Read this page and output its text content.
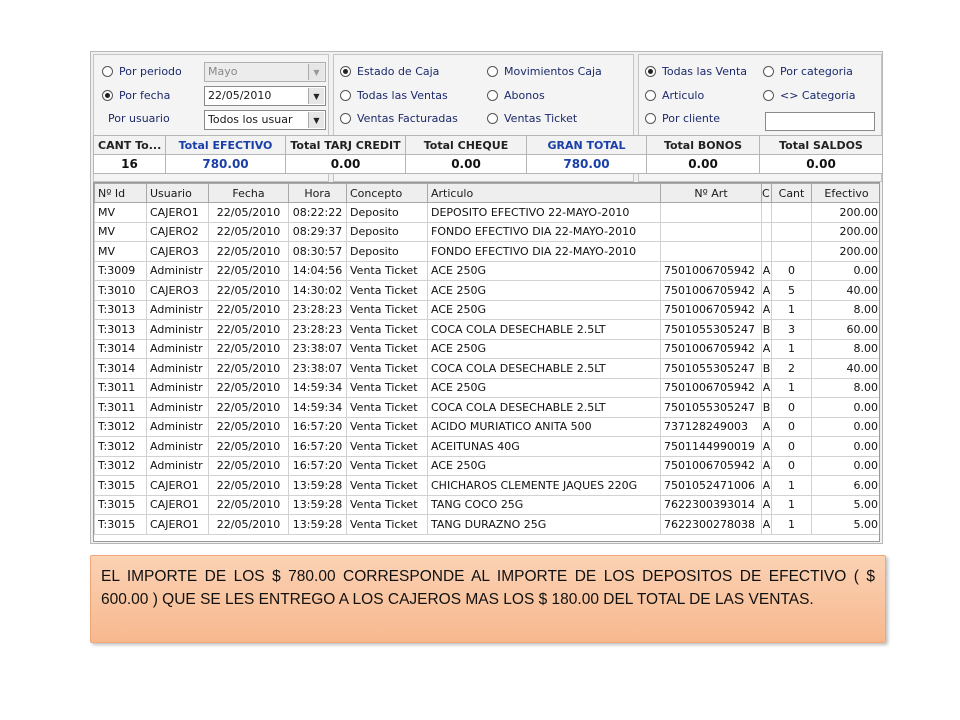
Por periodo	Mayo	▼
Por fecha	22/05/2010	▼
Por usuario	Todos los usuar	▼
Estado de Caja	Movimientos Caja
Todas las Ventas	Abonos
Ventas Facturadas	Ventas Ticket
Todas las Venta	Por categoria
Articulo	<> Categoria
Por cliente
CANT To...	Total EFECTIVO	Total TARJ CREDIT	Total CHEQUE	GRAN TOTAL	Total BONOS	Total SALDOS
16	780.00	0.00	0.00	780.00	0.00	0.00
Nº Id	Usuario	Fecha	Hora	Concepto	Articulo	Nº Art	C	Cant	Efectivo	
MV	CAJERO1	22/05/2010	08:22:22	Deposito	DEPOSITO EFECTIVO 22-MAYO-2010				200.00	
MV	CAJERO2	22/05/2010	08:29:37	Deposito	FONDO EFECTIVO DIA 22-MAYO-2010				200.00	
MV	CAJERO3	22/05/2010	08:30:57	Deposito	FONDO EFECTIVO DIA 22-MAYO-2010				200.00	
T:3009	Administr	22/05/2010	14:04:56	Venta Ticket	ACE 250G	7501006705942	A	0	0.00	
T:3010	CAJERO3	22/05/2010	14:30:02	Venta Ticket	ACE 250G	7501006705942	A	5	40.00	
T:3013	Administr	22/05/2010	23:28:23	Venta Ticket	ACE 250G	7501006705942	A	1	8.00	
T:3013	Administr	22/05/2010	23:28:23	Venta Ticket	COCA COLA DESECHABLE 2.5LT	7501055305247	B	3	60.00	
T:3014	Administr	22/05/2010	23:38:07	Venta Ticket	ACE 250G	7501006705942	A	1	8.00	
T:3014	Administr	22/05/2010	23:38:07	Venta Ticket	COCA COLA DESECHABLE 2.5LT	7501055305247	B	2	40.00	
T:3011	Administr	22/05/2010	14:59:34	Venta Ticket	ACE 250G	7501006705942	A	1	8.00	
T:3011	Administr	22/05/2010	14:59:34	Venta Ticket	COCA COLA DESECHABLE 2.5LT	7501055305247	B	0	0.00	
T:3012	Administr	22/05/2010	16:57:20	Venta Ticket	ACIDO MURIATICO ANITA 500	737128249003	A	0	0.00	
T:3012	Administr	22/05/2010	16:57:20	Venta Ticket	ACEITUNAS 40G	7501144990019	A	0	0.00	
T:3012	Administr	22/05/2010	16:57:20	Venta Ticket	ACE 250G	7501006705942	A	0	0.00	
T:3015	CAJERO1	22/05/2010	13:59:28	Venta Ticket	CHICHAROS CLEMENTE JAQUES 220G	7501052471006	A	1	6.00	
T:3015	CAJERO1	22/05/2010	13:59:28	Venta Ticket	TANG COCO 25G	7622300393014	A	1	5.00	
T:3015	CAJERO1	22/05/2010	13:59:28	Venta Ticket	TANG DURAZNO 25G	7622300278038	A	1	5.00	
EL IMPORTE DE LOS $ 780.00 CORRESPONDE AL IMPORTE DE LOS DEPOSITOS DE EFECTIVO ( $ 600.00 ) QUE SE LES ENTREGO A LOS CAJEROS MAS LOS $ 180.00 DEL TOTAL DE LAS VENTAS.
